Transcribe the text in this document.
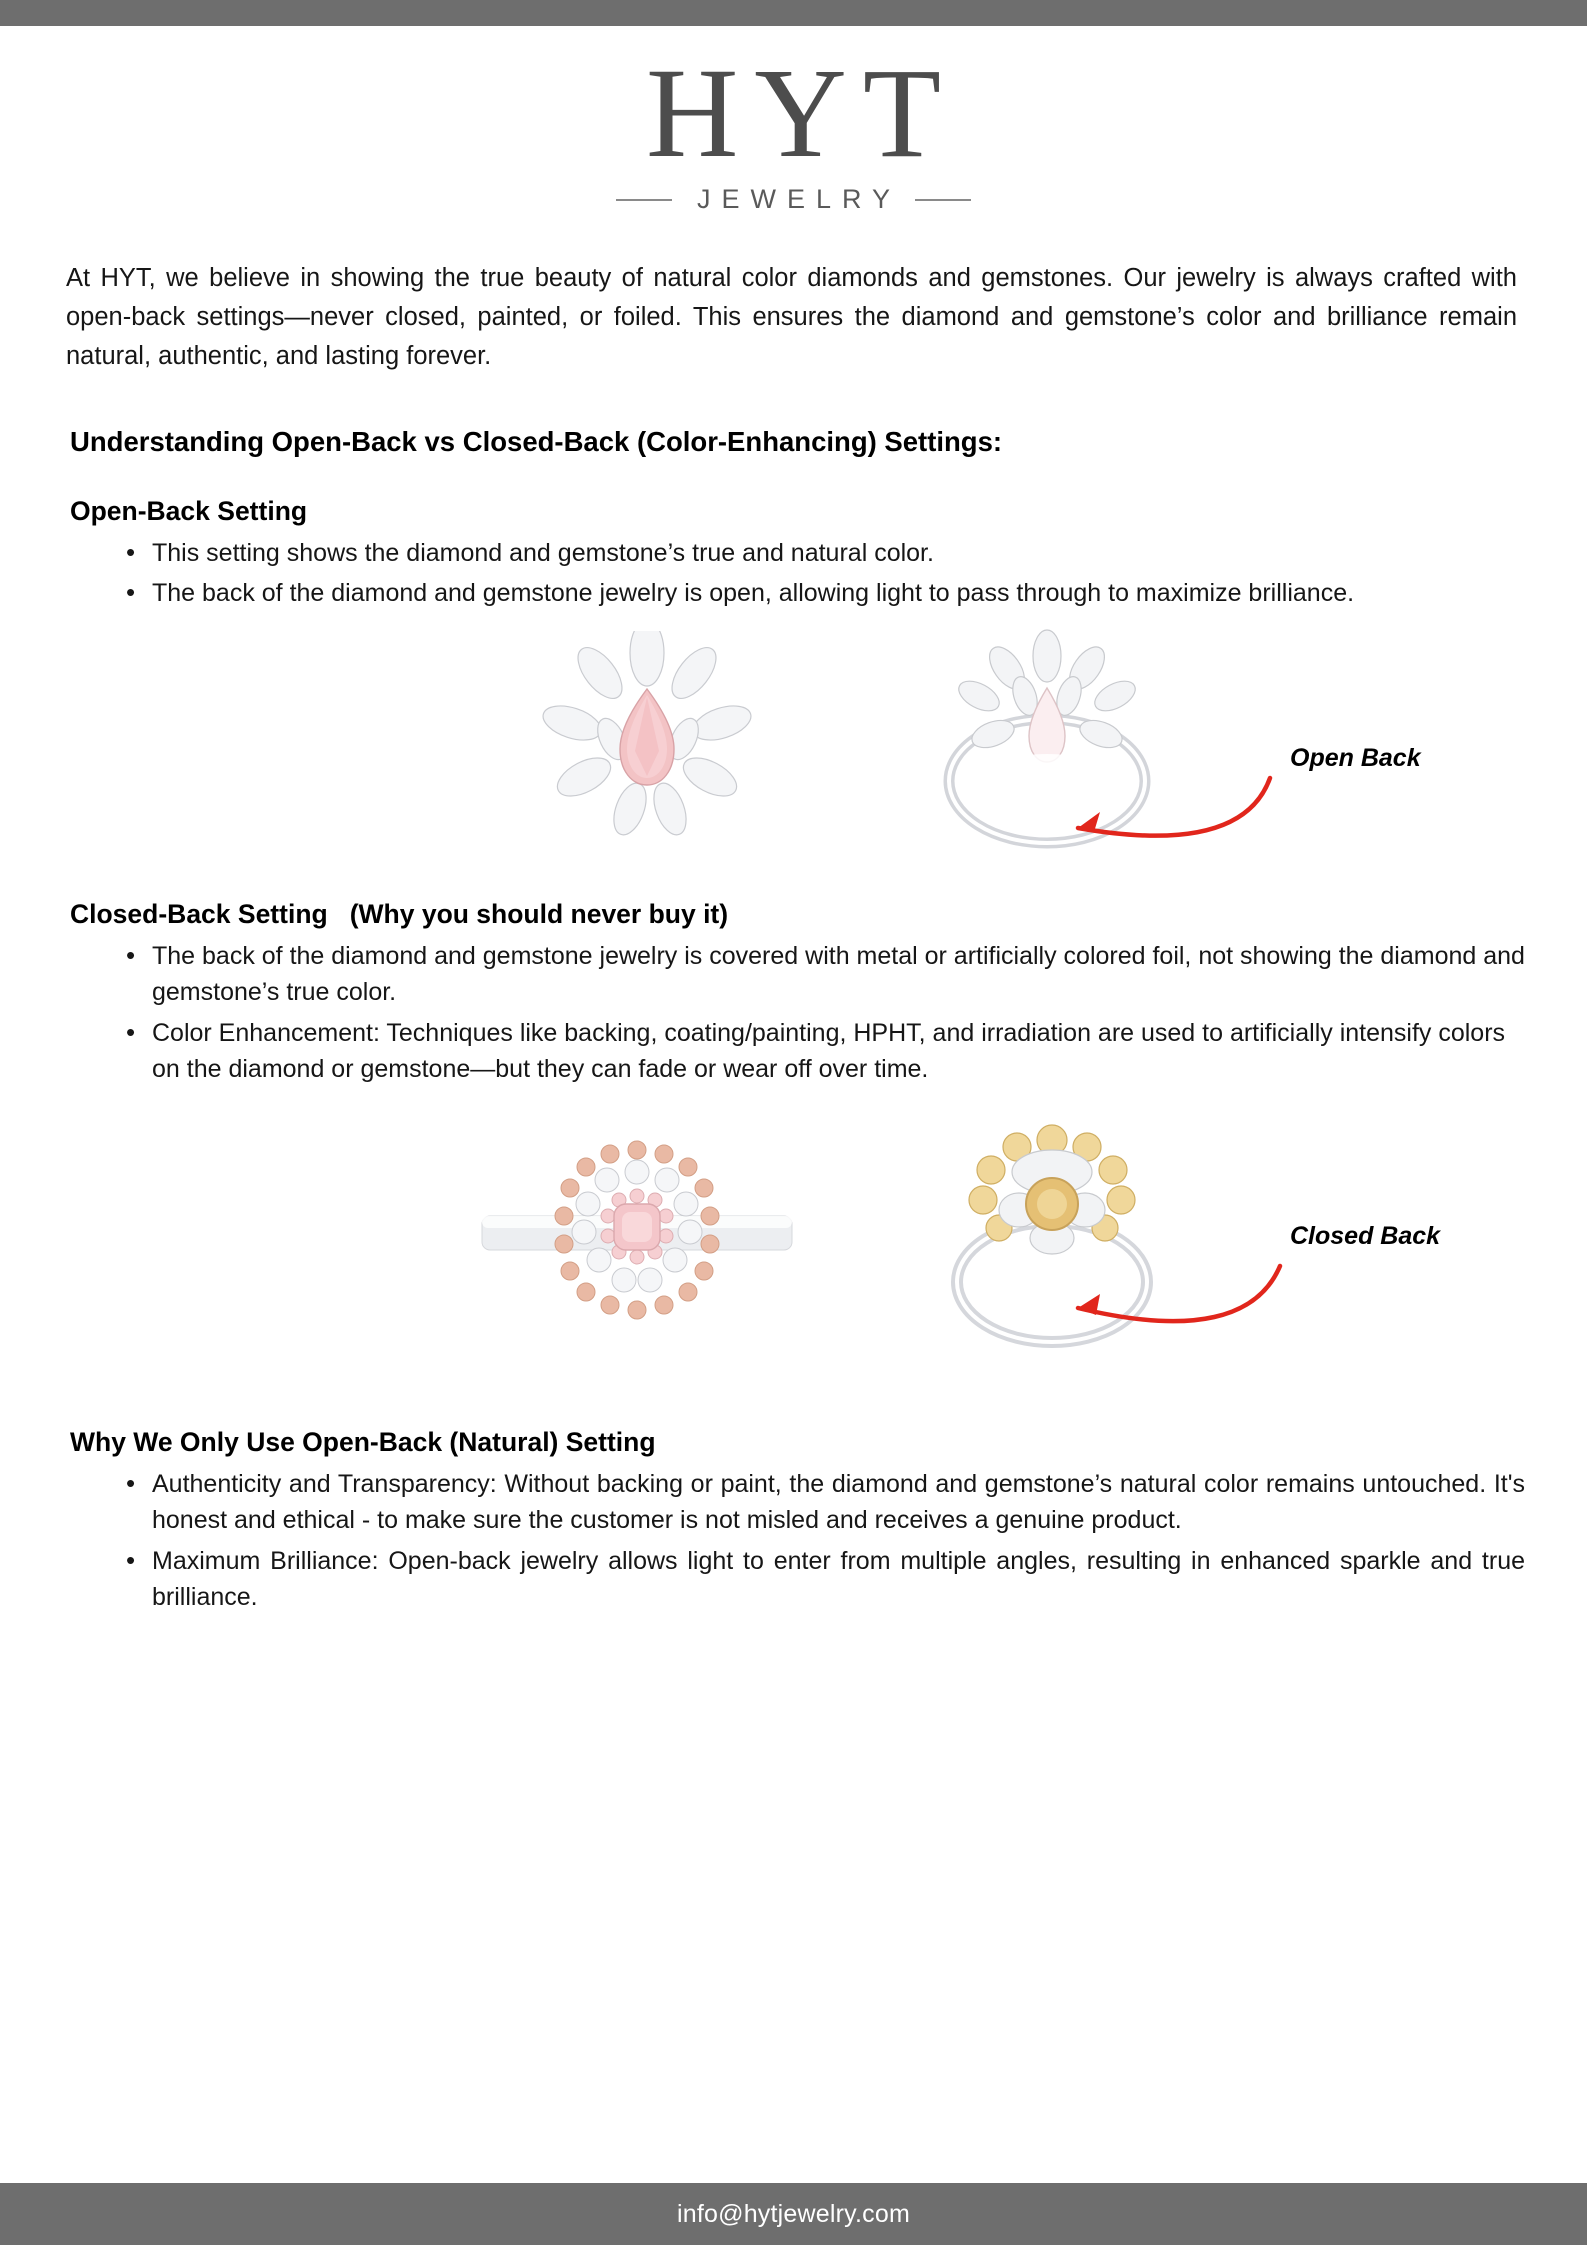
HYT
JEWELRY

At HYT, we believe in showing the true beauty of natural color diamonds and gemstones. Our jewelry is always crafted with open-back settings—never closed, painted, or foiled. This ensures the diamond and gemstone’s color and brilliance remain natural, authentic, and lasting forever.

Understanding Open-Back vs Closed-Back (Color-Enhancing) Settings:
Open-Back Setting
• This setting shows the diamond and gemstone’s true and natural color.
• The back of the diamond and gemstone jewelry is open, allowing light to pass through to maximize brilliance.
Open Back
Closed-Back Setting (Why you should never buy it)
• The back of the diamond and gemstone jewelry is covered with metal or artificially colored foil, not showing the diamond and gemstone’s true color.
• Color Enhancement: Techniques like backing, coating/painting, HPHT, and irradiation are used to artificially intensify colors on the diamond or gemstone—but they can fade or wear off over time.
Closed Back
Why We Only Use Open-Back (Natural) Setting
• Authenticity and Transparency: Without backing or paint, the diamond and gemstone’s natural color remains untouched. It's honest and ethical - to make sure the customer is not misled and receives a genuine product.
• Maximum Brilliance: Open-back jewelry allows light to enter from multiple angles, resulting in enhanced sparkle and true brilliance.
info@hytjewelry.com
